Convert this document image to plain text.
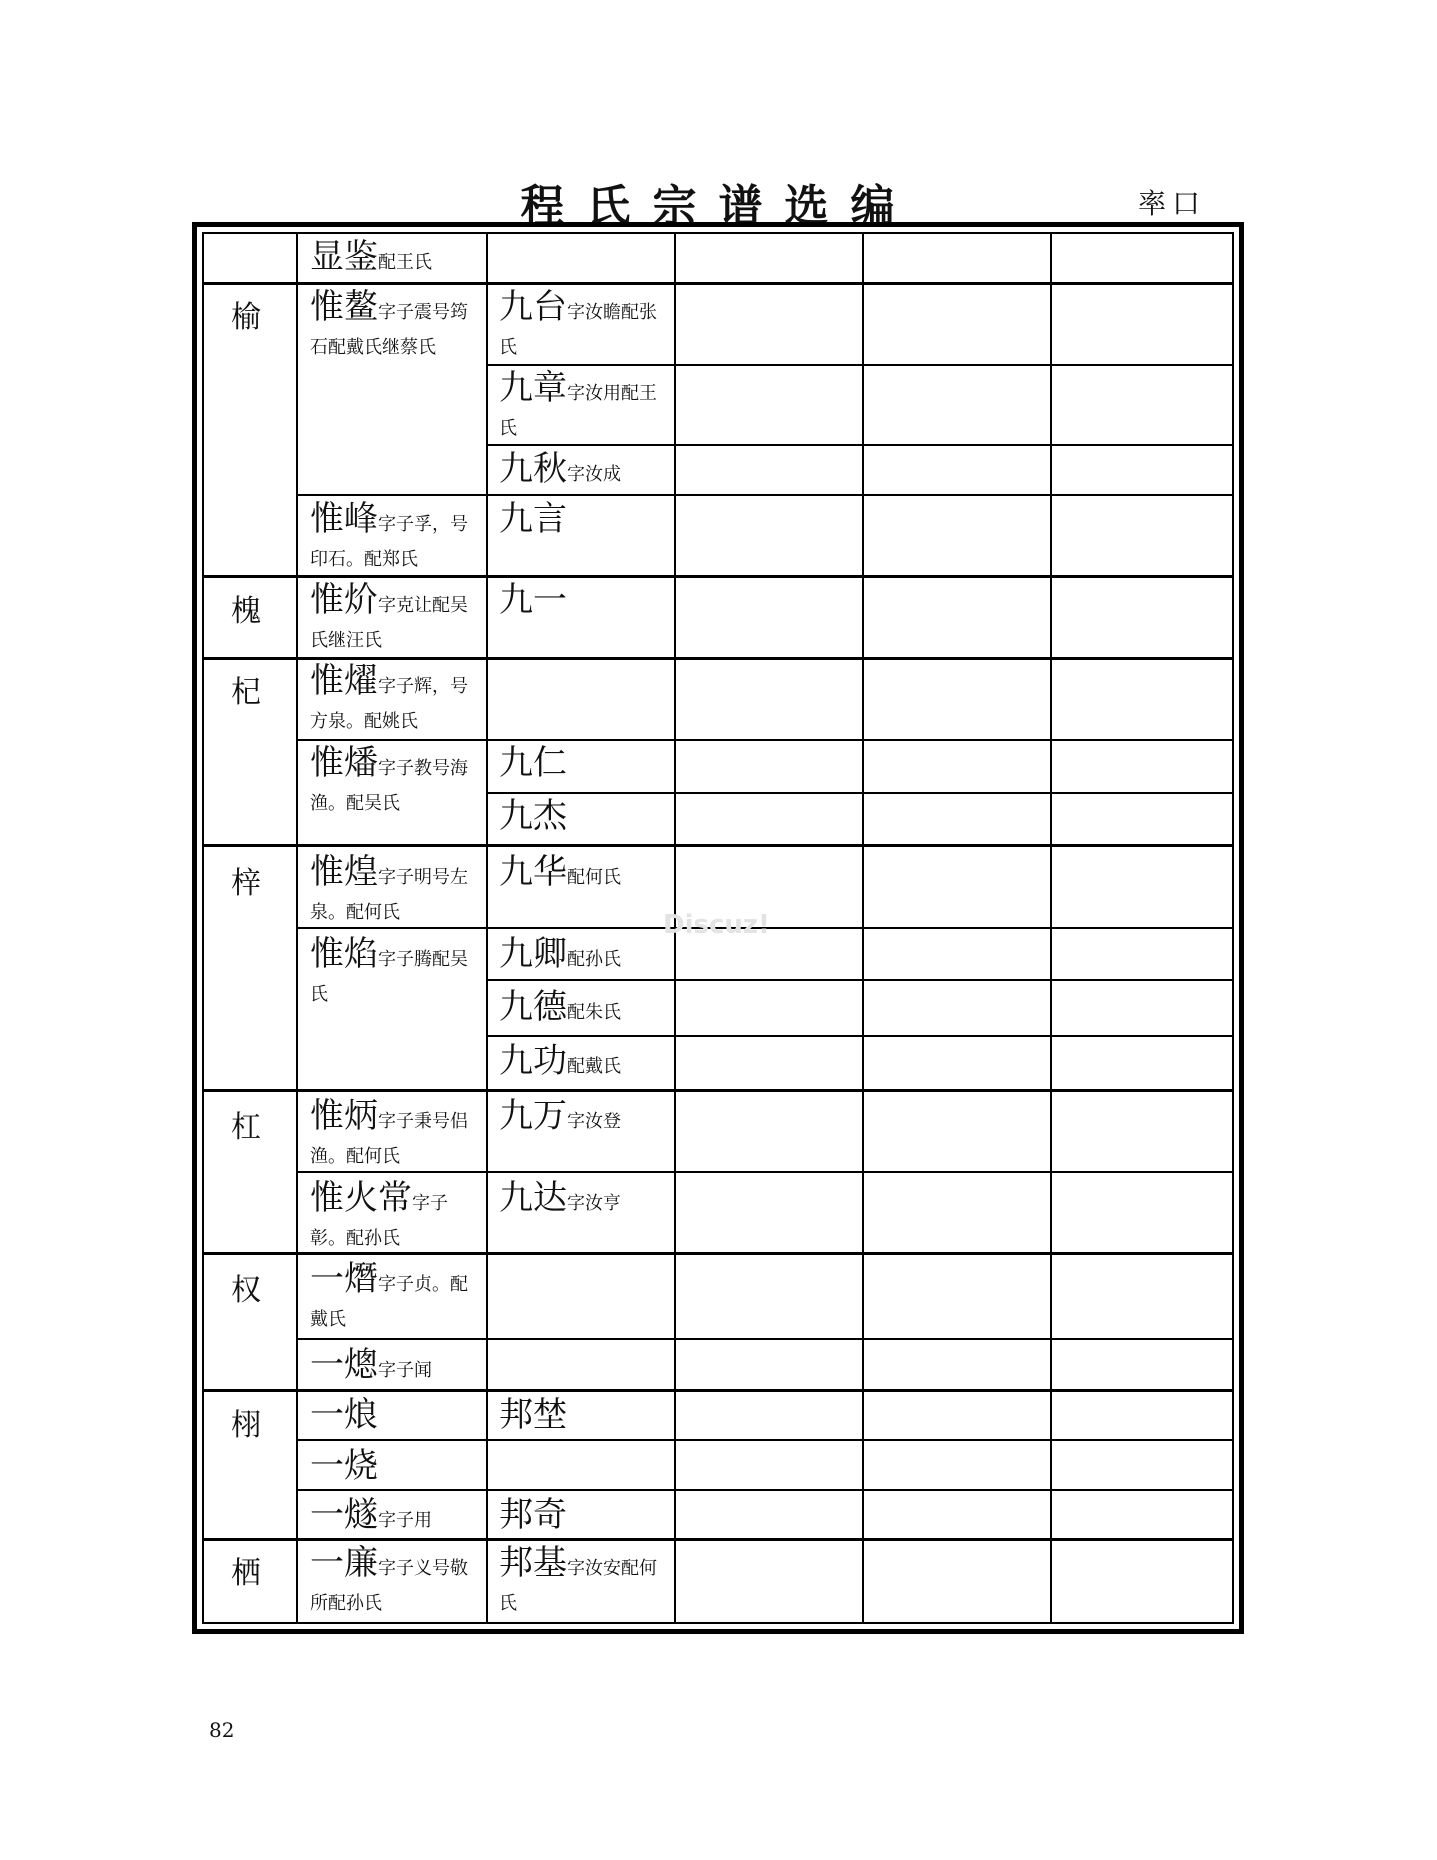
程氏宗谱选编	率口
榆
槐
杞
梓
杠
权
栩
栖
显鉴配王氏
惟鳌字子震号筠石配戴氏继蔡氏
惟峰字子孚，号印石。配郑氏
惟炌字克让配吴氏继汪氏
惟燿字子辉，号方泉。配姚氏
惟燔字子教号海渔。配吴氏
惟煌字子明号左泉。配何氏
惟焰字子腾配吴氏
惟炳字子秉号侣渔。配何氏
惟火常字子彰。配孙氏
一熸字子贞。配戴氏
一熜字子闻
一烺
一烧
一燧字子用
一廉字子义号敬所配孙氏
九台字汝瞻配张氏
九章字汝用配王氏
九秋字汝成
九言
九一
九仁
九杰
九华配何氏
九卿配孙氏
九德配朱氏
九功配戴氏
九万字汝登
九达字汝亨
邦埜
邦奇
邦基字汝安配何氏
Discuz!
82
